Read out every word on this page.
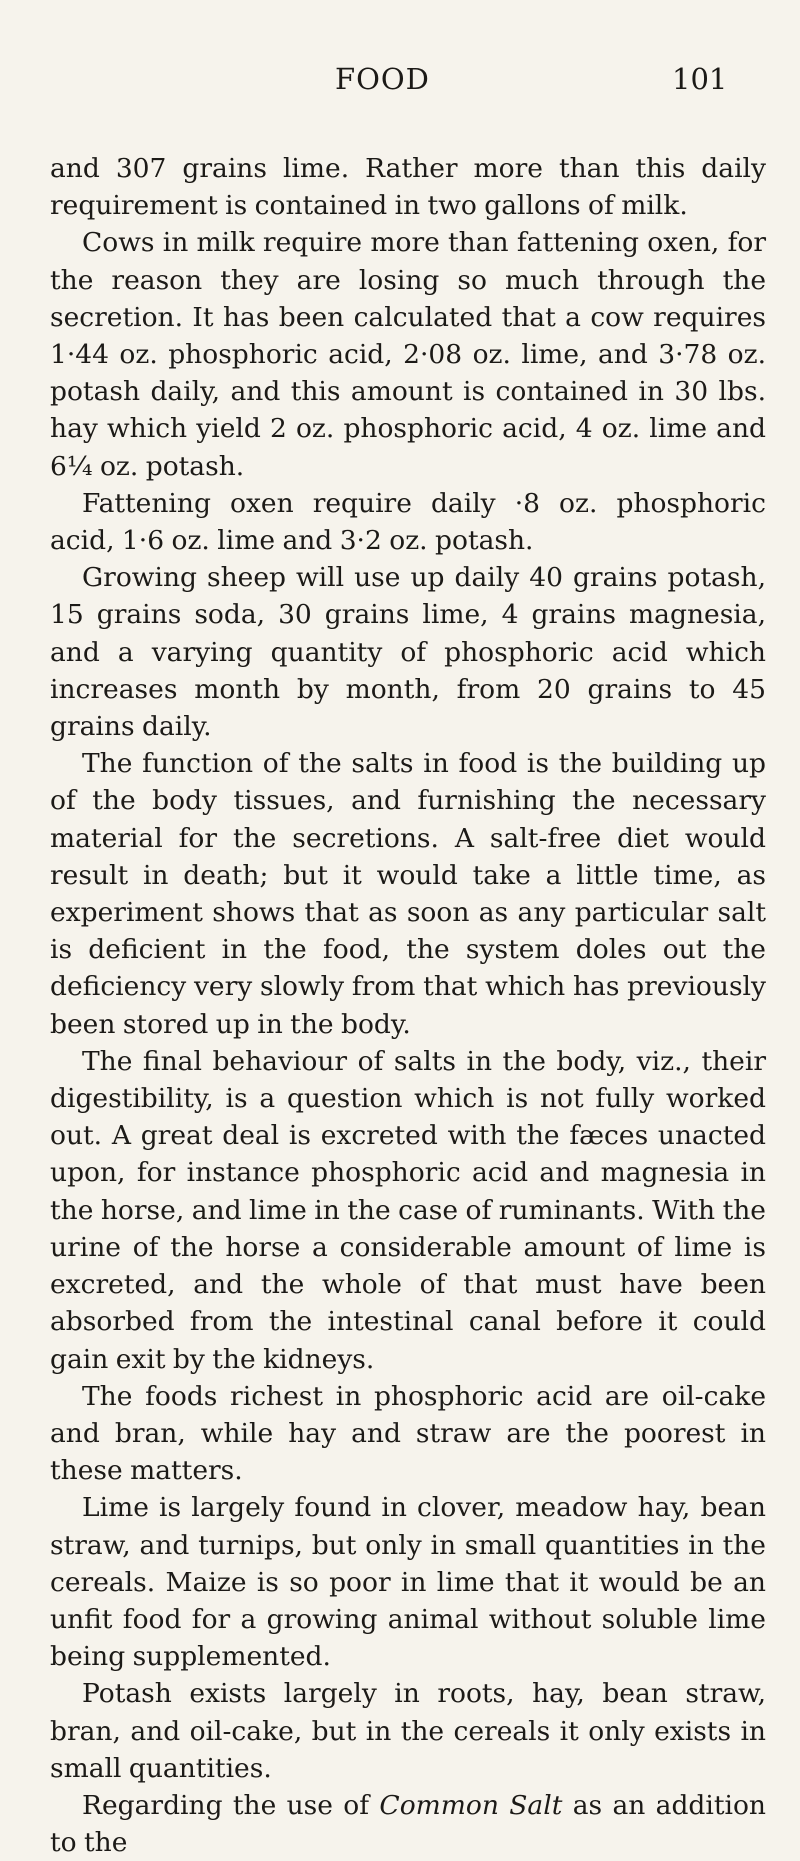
FOOD	101

and 307 grains lime. Rather more than this daily requirement is contained in two gallons of milk.

Cows in milk require more than fattening oxen, for the reason they are losing so much through the secretion. It has been calculated that a cow requires 1·44 oz. phosphoric acid, 2·08 oz. lime, and 3·78 oz. potash daily, and this amount is contained in 30 lbs. hay which yield 2 oz. phosphoric acid, 4 oz. lime and 6¼ oz. potash.

Fattening oxen require daily ·8 oz. phosphoric acid, 1·6 oz. lime and 3·2 oz. potash.

Growing sheep will use up daily 40 grains potash, 15 grains soda, 30 grains lime, 4 grains magnesia, and a varying quantity of phosphoric acid which increases month by month, from 20 grains to 45 grains daily.

The function of the salts in food is the building up of the body tissues, and furnishing the necessary material for the secretions. A salt-free diet would result in death; but it would take a little time, as experiment shows that as soon as any particular salt is deficient in the food, the system doles out the deficiency very slowly from that which has previously been stored up in the body.

The final behaviour of salts in the body, viz., their digestibility, is a question which is not fully worked out. A great deal is excreted with the fæces unacted upon, for instance phosphoric acid and magnesia in the horse, and lime in the case of ruminants. With the urine of the horse a considerable amount of lime is excreted, and the whole of that must have been absorbed from the intestinal canal before it could gain exit by the kidneys.

The foods richest in phosphoric acid are oil-cake and bran, while hay and straw are the poorest in these matters.

Lime is largely found in clover, meadow hay, bean straw, and turnips, but only in small quantities in the cereals. Maize is so poor in lime that it would be an unfit food for a growing animal without soluble lime being supplemented.

Potash exists largely in roots, hay, bean straw, bran, and oil-cake, but in the cereals it only exists in small quantities.

Regarding the use of Common Salt as an addition to the
